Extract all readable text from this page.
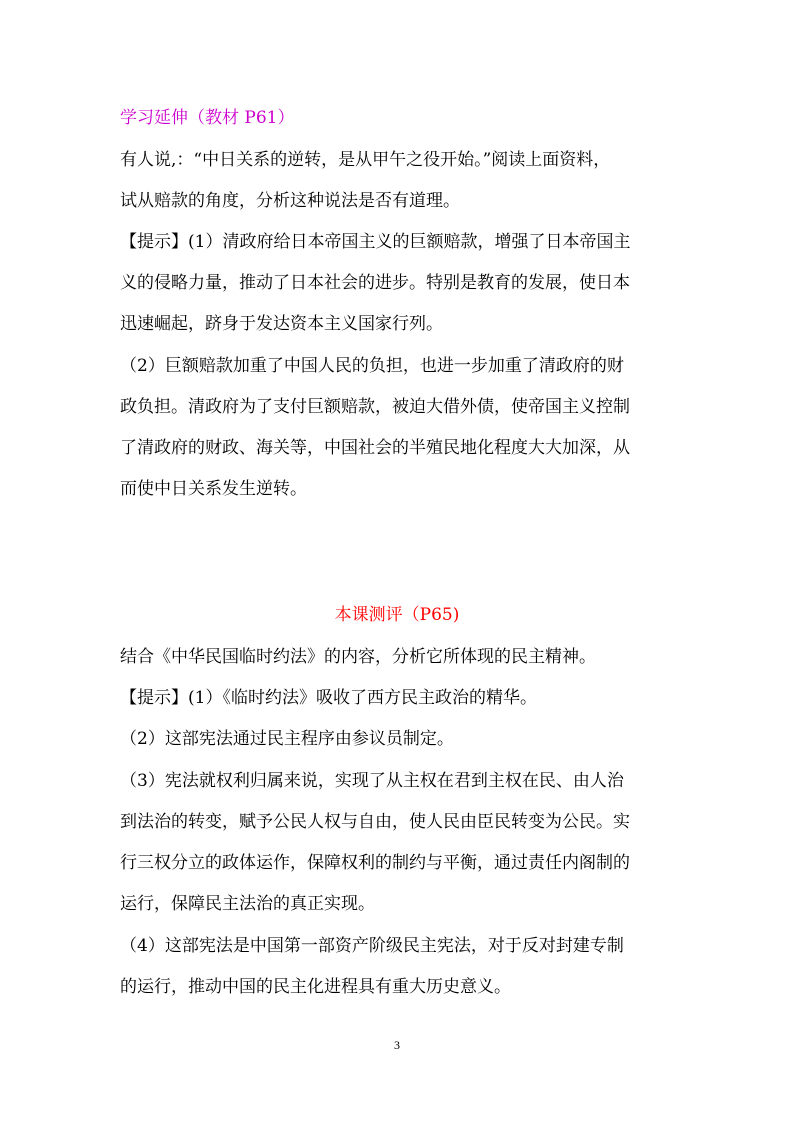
学习延伸（教材 P61）
有人说,：“中日关系的逆转，是从甲午之役开始。”阅读上面资料，
试从赔款的角度，分析这种说法是否有道理。
【提示】(1）清政府给日本帝国主义的巨额赔款，增强了日本帝国主
义的侵略力量，推动了日本社会的进步。特别是教育的发展，使日本
迅速崛起，跻身于发达资本主义国家行列。
（2）巨额赔款加重了中国人民的负担，也进一步加重了清政府的财
政负担。清政府为了支付巨额赔款，被迫大借外债，使帝国主义控制
了清政府的财政、海关等，中国社会的半殖民地化程度大大加深，从
而使中日关系发生逆转。
本课测评（P65)
结合《中华民国临时约法》的内容，分析它所体现的民主精神。
【提示】(1）《临时约法》吸收了西方民主政治的精华。
（2）这部宪法通过民主程序由参议员制定。
（3）宪法就权利归属来说，实现了从主权在君到主权在民、由人治
到法治的转变，赋予公民人权与自由，使人民由臣民转变为公民。实
行三权分立的政体运作，保障权利的制约与平衡，通过责任内阁制的
运行，保障民主法治的真正实现。
（4）这部宪法是中国第一部资产阶级民主宪法，对于反对封建专制
的运行，推动中国的民主化进程具有重大历史意义。
3
